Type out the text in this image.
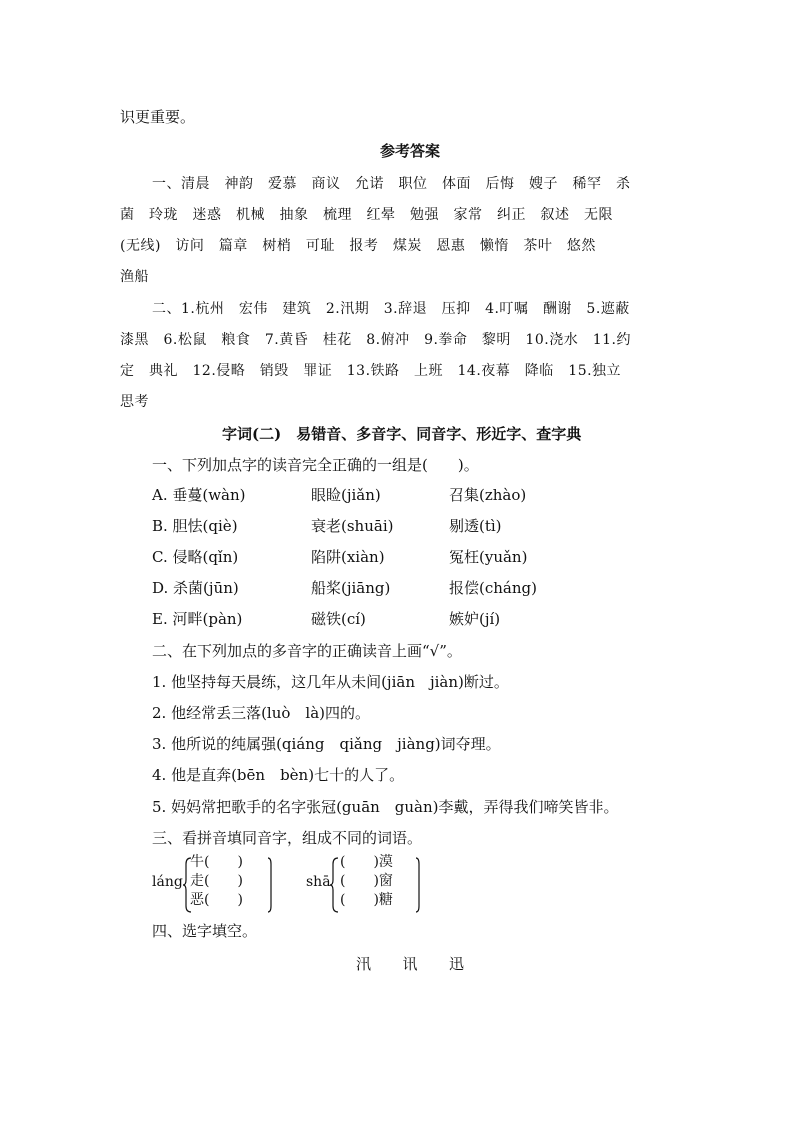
识更重要。
参考答案
一、清晨　神韵　爱慕　商议　允诺　职位　体面　后悔　嫂子　稀罕　杀
菌　玲珑　迷惑　机械　抽象　梳理　红晕　勉强　家常　纠正　叙述　无限
(无线)　访问　篇章　树梢　可耻　报考　煤炭　恩惠　懒惰　茶叶　悠然
渔船
二、1.杭州　宏伟　建筑　2.汛期　3.辞退　压抑　4.叮嘱　酬谢　5.遮蔽
漆黑　6.松鼠　粮食　7.黄昏　桂花　8.俯冲　9.拳命　黎明　10.浇水　11.约
定　典礼　12.侵略　销毁　罪证　13.铁路　上班　14.夜幕　降临　15.独立
思考
字词(二)　易错音、多音字、同音字、形近字、查字典
一、下列加点字的读音完全正确的一组是(　　)。
A. 垂蔓(wàn)	眼睑(jiǎn)	召集(zhào)
B. 胆怯(qiè)	衰老(shuāi)	剔透(tì)
C. 侵略(qǐn)	陷阱(xiàn)	冤枉(yuǎn)
D. 杀菌(jūn)	船桨(jiāng)	报偿(cháng)
E. 河畔(pàn)	磁铁(cí)	嫉妒(jí)
二、在下列加点的多音字的正确读音上画“√”。
1. 他坚持每天晨练，这几年从未间(jiān　jiàn)断过。
2. 他经常丢三落(luò　là)四的。
3. 他所说的纯属强(qiáng　qiǎng　jiàng)词夺理。
4. 他是直奔(bēn　bèn)七十的人了。
5. 妈妈常把歌手的名字张冠(guān　guàn)李戴，弄得我们啼笑皆非。
三、看拼音填同音字，组成不同的词语。
láng
牛(　　)
走(　　)
恶(　　)
shā
(　　)漠
(　　)窗
(　　)糖
四、选字填空。
汛　　讯　　迅
